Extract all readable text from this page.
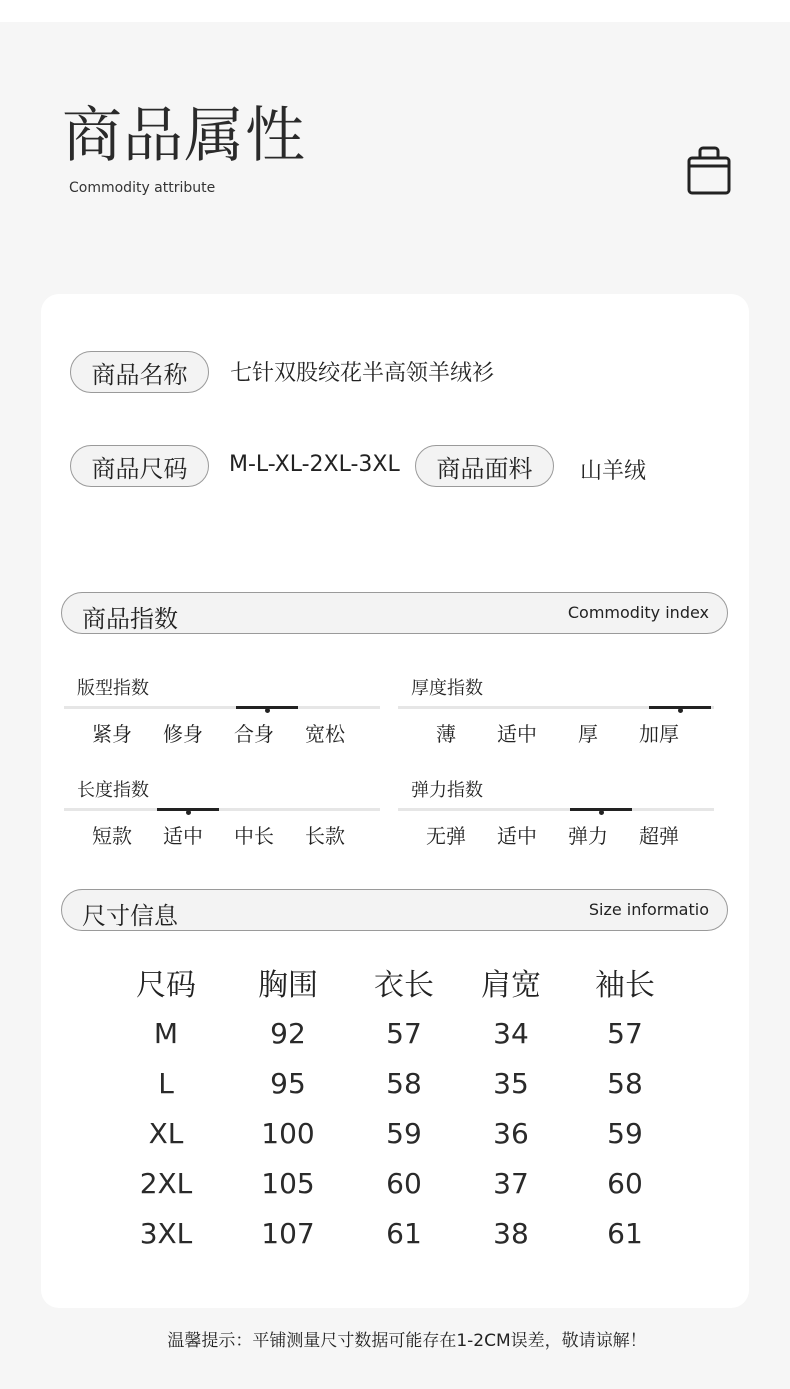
商品属性
Commodity attribute
商品名称	七针双股绞花半高领羊绒衫
商品尺码	M-L-XL-2XL-3XL	商品面料	山羊绒
商品指数	Commodity index
版型指数
紧身	修身	合身	宽松
厚度指数
薄	适中	厚	加厚
长度指数
短款	适中	中长	长款
弹力指数
无弹	适中	弹力	超弹
尺寸信息	Size informatio
尺码	胸围	衣长	肩宽	袖长
M	92	57	34	57
L	95	58	35	58
XL	100	59	36	59
2XL	105	60	37	60
3XL	107	61	38	61
温馨提示：平铺测量尺寸数据可能存在1-2CM误差，敬请谅解！
